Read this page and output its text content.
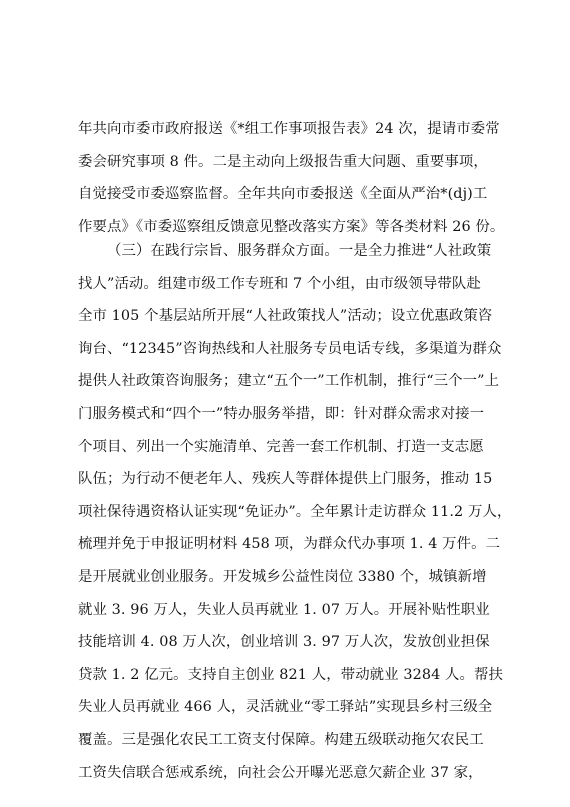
年共向市委市政府报送《*组工作事项报告表》24 次，提请市委常
委会研究事项 8 件。二是主动向上级报告重大问题、重要事项，
自觉接受市委巡察监督。全年共向市委报送《全面从严治*(dj)工
作要点》《市委巡察组反馈意见整改落实方案》等各类材料 26 份。
（三）在践行宗旨、服务群众方面。一是全力推进“人社政策
找人”活动。组建市级工作专班和 7 个小组，由市级领导带队赴
全市 105 个基层站所开展“人社政策找人”活动；设立优惠政策咨
询台、“12345”咨询热线和人社服务专员电话专线，多渠道为群众
提供人社政策咨询服务；建立“五个一”工作机制，推行“三个一”上
门服务模式和“四个一”特办服务举措，即：针对群众需求对接一
个项目、列出一个实施清单、完善一套工作机制、打造一支志愿
队伍；为行动不便老年人、残疾人等群体提供上门服务，推动 15
项社保待遇资格认证实现“免证办”。全年累计走访群众 11.2 万人，
梳理并免于申报证明材料 458 项，为群众代办事项 1. 4 万件。二
是开展就业创业服务。开发城乡公益性岗位 3380 个，城镇新增
就业 3. 96 万人，失业人员再就业 1. 07 万人。开展补贴性职业
技能培训 4. 08 万人次，创业培训 3. 97 万人次，发放创业担保
贷款 1. 2 亿元。支持自主创业 821 人，带动就业 3284 人。帮扶
失业人员再就业 466 人，灵活就业“零工驿站”实现县乡村三级全
覆盖。三是强化农民工工资支付保障。构建五级联动拖欠农民工
工资失信联合惩戒系统，向社会公开曝光恶意欠薪企业 37 家，
